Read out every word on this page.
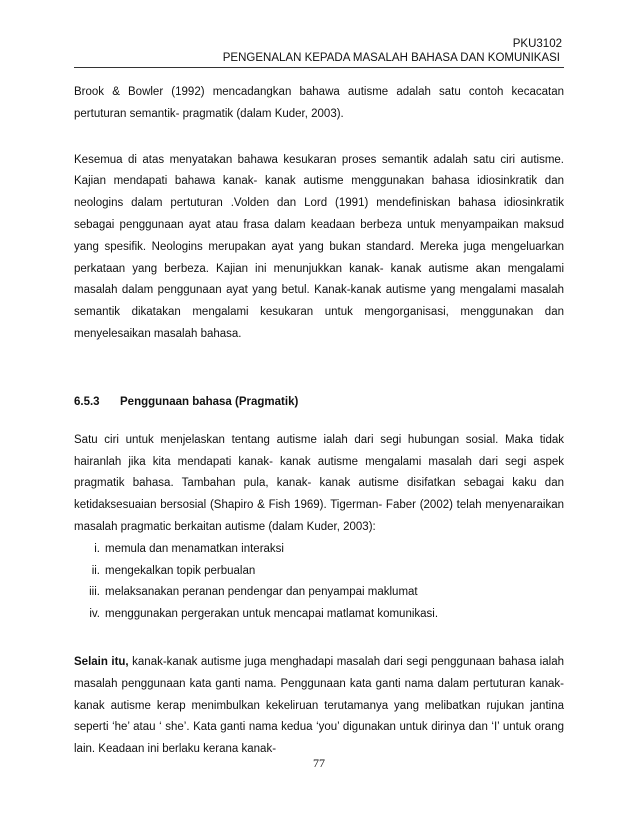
PKU3102
PENGENALAN KEPADA MASALAH BAHASA DAN KOMUNIKASI

Brook & Bowler (1992) mencadangkan bahawa autisme adalah satu contoh kecacatan pertuturan semantik- pragmatik (dalam Kuder, 2003).

Kesemua di atas menyatakan bahawa kesukaran proses semantik adalah satu ciri autisme. Kajian mendapati bahawa kanak- kanak autisme menggunakan bahasa idiosinkratik dan neologins dalam pertuturan .Volden dan Lord (1991) mendefiniskan bahasa idiosinkratik sebagai penggunaan ayat atau frasa dalam keadaan berbeza untuk menyampaikan maksud yang spesifik. Neologins merupakan ayat yang bukan standard. Mereka juga mengeluarkan perkataan yang berbeza. Kajian ini menunjukkan kanak- kanak autisme akan mengalami masalah dalam penggunaan ayat yang betul. Kanak-kanak autisme yang mengalami masalah semantik dikatakan mengalami kesukaran untuk mengorganisasi, menggunakan dan menyelesaikan masalah bahasa.

6.5.3 Penggunaan bahasa (Pragmatik)

Satu ciri untuk menjelaskan tentang autisme ialah dari segi hubungan sosial. Maka tidak hairanlah jika kita mendapati kanak- kanak autisme mengalami masalah dari segi aspek pragmatik bahasa. Tambahan pula, kanak- kanak autisme disifatkan sebagai kaku dan ketidaksesuaian bersosial (Shapiro & Fish 1969). Tigerman- Faber (2002) telah menyenaraikan masalah pragmatic berkaitan autisme (dalam Kuder, 2003):

i. memula dan menamatkan interaksi
ii. mengekalkan topik perbualan
iii. melaksanakan peranan pendengar dan penyampai maklumat
iv. menggunakan pergerakan untuk mencapai matlamat komunikasi.

Selain itu, kanak-kanak autisme juga menghadapi masalah dari segi penggunaan bahasa ialah masalah penggunaan kata ganti nama. Penggunaan kata ganti nama dalam pertuturan kanak- kanak autisme kerap menimbulkan kekeliruan terutamanya yang melibatkan rujukan jantina seperti ‘he’ atau ‘ she’. Kata ganti nama kedua ‘you’ digunakan untuk dirinya dan ‘I’ untuk orang lain. Keadaan ini berlaku kerana kanak-

77
